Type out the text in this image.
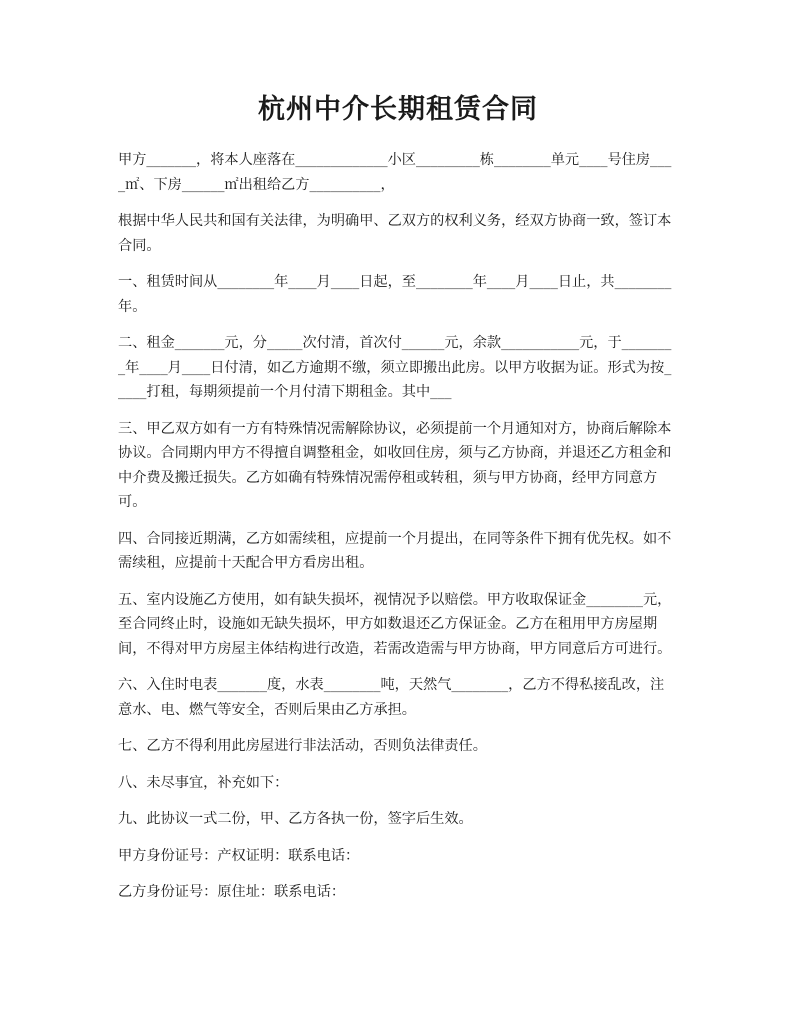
杭州中介长期租赁合同

甲方_______，将本人座落在_____________小区_________栋________单元____号住房____㎡、下房______㎡出租给乙方__________，

根据中华人民共和国有关法律，为明确甲、乙双方的权利义务，经双方协商一致，签订本合同。

一、租赁时间从________年____月____日起，至________年____月____日止，共________年。

二、租金_______元，分_____次付清，首次付______元，余款___________元，于________年____月____日付清，如乙方逾期不缴，须立即搬出此房。以甲方收据为证。形式为按_____打租，每期须提前一个月付清下期租金。其中___

三、甲乙双方如有一方有特殊情况需解除协议，必须提前一个月通知对方，协商后解除本协议。合同期内甲方不得擅自调整租金，如收回住房，须与乙方协商，并退还乙方租金和中介费及搬迁损失。乙方如确有特殊情况需停租或转租，须与甲方协商，经甲方同意方可。

四、合同接近期满，乙方如需续租，应提前一个月提出，在同等条件下拥有优先权。如不需续租，应提前十天配合甲方看房出租。

五、室内设施乙方使用，如有缺失损坏，视情况予以赔偿。甲方收取保证金________元，至合同终止时，设施如无缺失损坏，甲方如数退还乙方保证金。乙方在租用甲方房屋期间，不得对甲方房屋主体结构进行改造，若需改造需与甲方协商，甲方同意后方可进行。

六、入住时电表_______度，水表________吨，天然气________，乙方不得私接乱改，注意水、电、燃气等安全，否则后果由乙方承担。

七、乙方不得利用此房屋进行非法活动，否则负法律责任。

八、未尽事宜，补充如下：

九、此协议一式二份，甲、乙方各执一份，签字后生效。

甲方身份证号：产权证明：联系电话：

乙方身份证号：原住址：联系电话：
